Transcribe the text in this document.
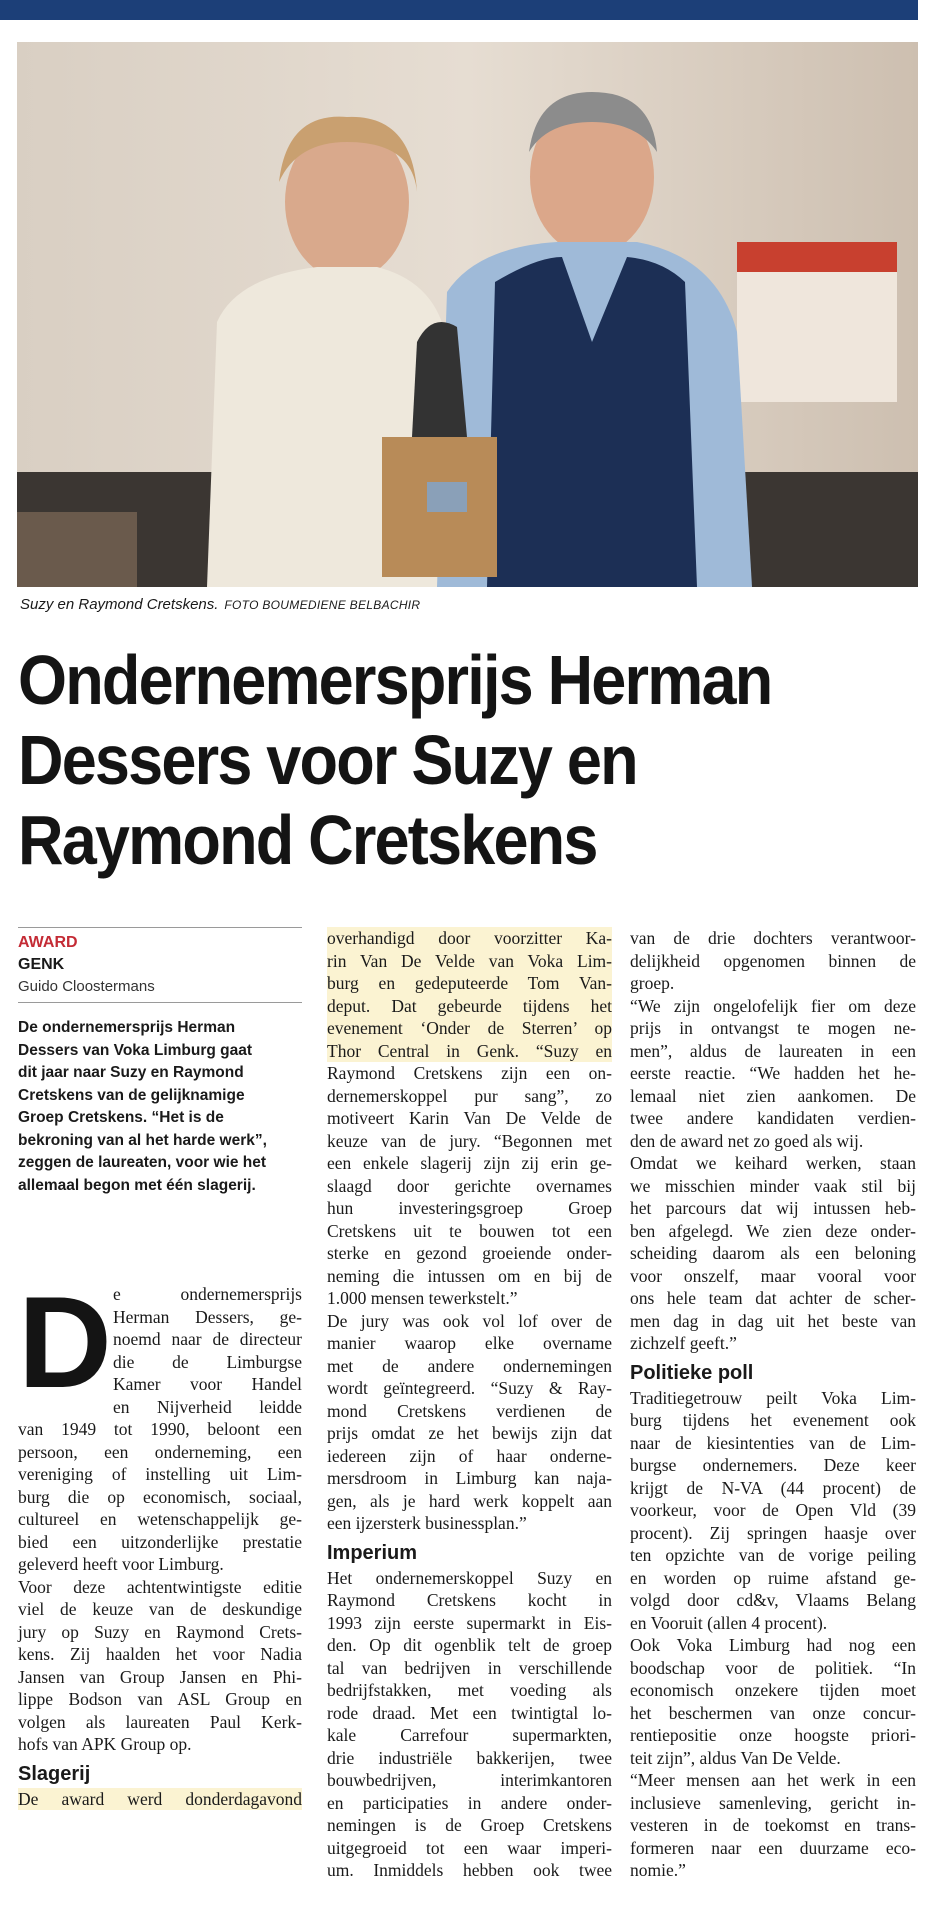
Suzy en Raymond Cretskens. FOTO BOUMEDIENE BELBACHIR
Ondernemersprijs Herman
Dessers voor Suzy en
Raymond Cretskens
AWARD
GENK
Guido Cloostermans
De ondernemersprijs Herman
Dessers van Voka Limburg gaat
dit jaar naar Suzy en Raymond
Cretskens van de gelijknamige
Groep Cretskens. “Het is de
bekroning van al het harde werk”,
zeggen de laureaten, voor wie het
allemaal begon met één slagerij.
D e ondernemersprijs
Herman Dessers, ge-
noemd naar de directeur
die de Limburgse
Kamer voor Handel
en Nijverheid leidde
van 1949 tot 1990, beloont een
persoon, een onderneming, een
vereniging of instelling uit Lim-
burg die op economisch, sociaal,
cultureel en wetenschappelijk ge-
bied een uitzonderlijke prestatie
geleverd heeft voor Limburg.
Voor deze achtentwintigste editie
viel de keuze van de deskundige
jury op Suzy en Raymond Crets-
kens. Zij haalden het voor Nadia
Jansen van Group Jansen en Phi-
lippe Bodson van ASL Group en
volgen als laureaten Paul Kerk-
hofs van APK Group op.
Slagerij
De award werd donderdagavond
overhandigd door voorzitter Ka-
rin Van De Velde van Voka Lim-
burg en gedeputeerde Tom Van-
deput. Dat gebeurde tijdens het
evenement ‘Onder de Sterren’ op
Thor Central in Genk. “Suzy en
Raymond Cretskens zijn een on-
dernemerskoppel pur sang”, zo
motiveert Karin Van De Velde de
keuze van de jury. “Begonnen met
een enkele slagerij zijn zij erin ge-
slaagd door gerichte overnames
hun investeringsgroep Groep
Cretskens uit te bouwen tot een
sterke en gezond groeiende onder-
neming die intussen om en bij de
1.000 mensen tewerkstelt.”
De jury was ook vol lof over de
manier waarop elke overname
met de andere ondernemingen
wordt geïntegreerd. “Suzy & Ray-
mond Cretskens verdienen de
prijs omdat ze het bewijs zijn dat
iedereen zijn of haar onderne-
mersdroom in Limburg kan naja-
gen, als je hard werk koppelt aan
een ijzersterk businessplan.”
Imperium
Het ondernemerskoppel Suzy en
Raymond Cretskens kocht in
1993 zijn eerste supermarkt in Eis-
den. Op dit ogenblik telt de groep
tal van bedrijven in verschillende
bedrijfstakken, met voeding als
rode draad. Met een twintigtal lo-
kale Carrefour supermarkten,
drie industriële bakkerijen, twee
bouwbedrijven, interimkantoren
en participaties in andere onder-
nemingen is de Groep Cretskens
uitgegroeid tot een waar imperi-
um. Inmiddels hebben ook twee
van de drie dochters verantwoor-
delijkheid opgenomen binnen de
groep.
“We zijn ongelofelijk fier om deze
prijs in ontvangst te mogen ne-
men”, aldus de laureaten in een
eerste reactie. “We hadden het he-
lemaal niet zien aankomen. De
twee andere kandidaten verdien-
den de award net zo goed als wij.
Omdat we keihard werken, staan
we misschien minder vaak stil bij
het parcours dat wij intussen heb-
ben afgelegd. We zien deze onder-
scheiding daarom als een beloning
voor onszelf, maar vooral voor
ons hele team dat achter de scher-
men dag in dag uit het beste van
zichzelf geeft.”
Politieke poll
Traditiegetrouw peilt Voka Lim-
burg tijdens het evenement ook
naar de kiesintenties van de Lim-
burgse ondernemers. Deze keer
krijgt de N-VA (44 procent) de
voorkeur, voor de Open Vld (39
procent). Zij springen haasje over
ten opzichte van de vorige peiling
en worden op ruime afstand ge-
volgd door cd&v, Vlaams Belang
en Vooruit (allen 4 procent).
Ook Voka Limburg had nog een
boodschap voor de politiek. “In
economisch onzekere tijden moet
het beschermen van onze concur-
rentiepositie onze hoogste priori-
teit zijn”, aldus Van De Velde.
“Meer mensen aan het werk in een
inclusieve samenleving, gericht in-
vesteren in de toekomst en trans-
formeren naar een duurzame eco-
nomie.”
